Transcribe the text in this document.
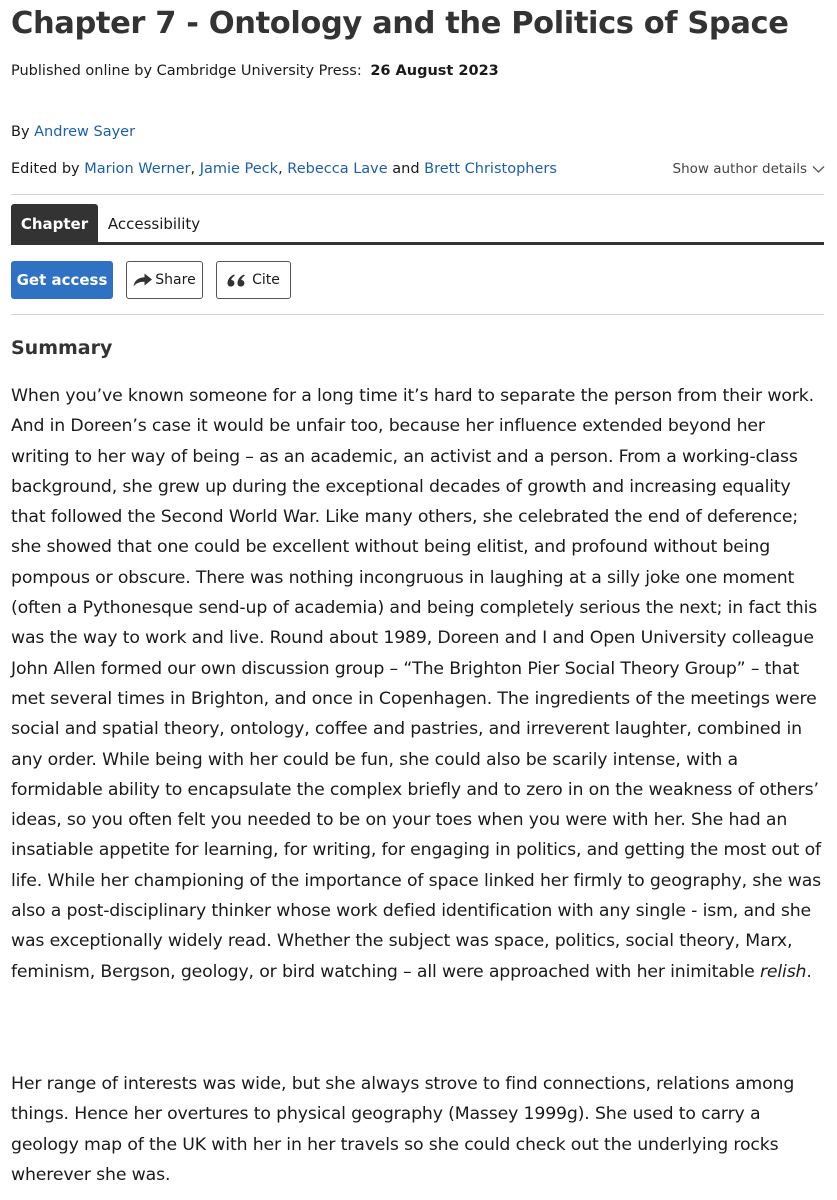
Chapter 7 - Ontology and the Politics of Space
Published online by Cambridge University Press: 26 August 2023
By Andrew Sayer
Edited by Marion Werner, Jamie Peck, Rebecca Lave and Brett Christophers	Show author details
Chapter Accessibility
Get access	Share	Cite
Summary

When you’ve known someone for a long time it’s hard to separate the person from their work. And in Doreen’s case it would be unfair too, because her influence extended beyond her writing to her way of being – as an academic, an activist and a person. From a working-class background, she grew up during the exceptional decades of growth and increasing equality that followed the Second World War. Like many others, she celebrated the end of deference; she showed that one could be excellent without being elitist, and profound without being pompous or obscure. There was nothing incongruous in laughing at a silly joke one moment (often a Pythonesque send-up of academia) and being completely serious the next; in fact this was the way to work and live. Round about 1989, Doreen and I and Open University colleague John Allen formed our own discussion group – “The Brighton Pier Social Theory Group” – that met several times in Brighton, and once in Copenhagen. The ingredients of the meetings were social and spatial theory, ontology, coffee and pastries, and irreverent laughter, combined in any order. While being with her could be fun, she could also be scarily intense, with a formidable ability to encapsulate the complex briefly and to zero in on the weakness of others’ ideas, so you often felt you needed to be on your toes when you were with her. She had an insatiable appetite for learning, for writing, for engaging in politics, and getting the most out of life. While her championing of the importance of space linked her firmly to geography, she was also a post-disciplinary thinker whose work defied identification with any single - ism, and she was exceptionally widely read. Whether the subject was space, politics, social theory, Marx, feminism, Bergson, geology, or bird watching – all were approached with her inimitable relish.

Her range of interests was wide, but she always strove to find connections, relations among things. Hence her overtures to physical geography (Massey 1999g). She used to carry a geology map of the UK with her in her travels so she could check out the underlying rocks wherever she was.
